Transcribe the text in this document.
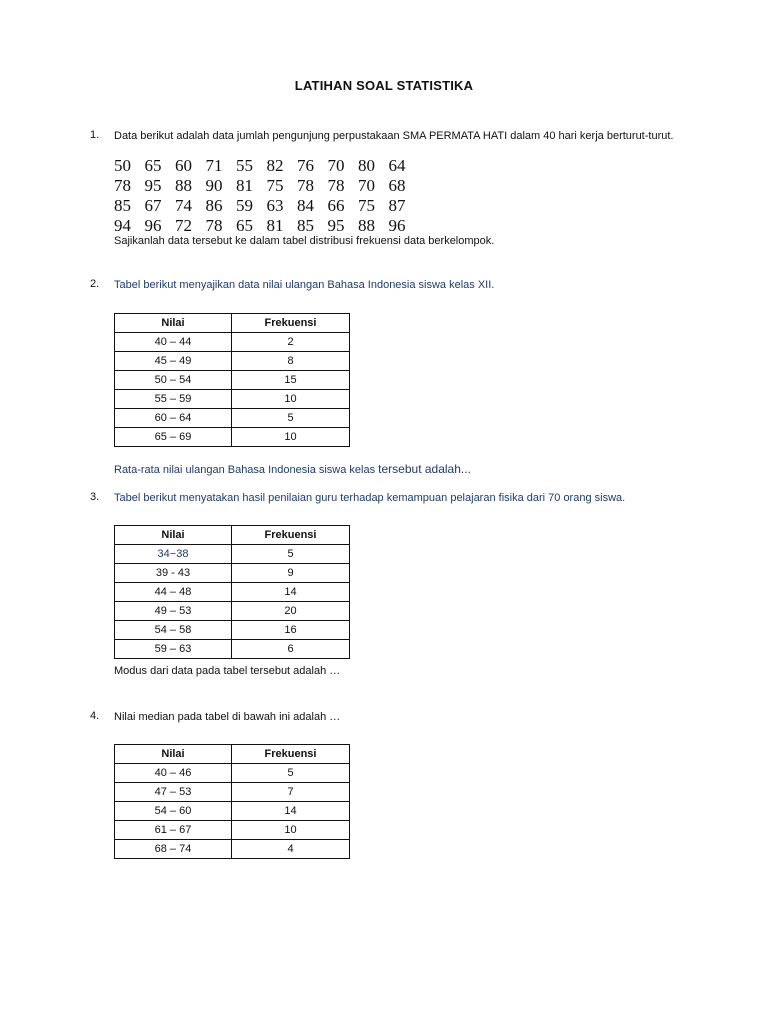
LATIHAN SOAL STATISTIKA
1. Data berikut adalah data jumlah pengunjung perpustakaan SMA PERMATA HATI dalam 40 hari kerja berturut-turut.
50 65 60 71 55 82 76 70 80 64
78 95 88 90 81 75 78 78 70 68
85 67 74 86 59 63 84 66 75 87
94 96 72 78 65 81 85 95 88 96
Sajikanlah data tersebut ke dalam tabel distribusi frekuensi data berkelompok.
2. Tabel berikut menyajikan data nilai ulangan Bahasa Indonesia siswa kelas XII.
Nilai	Frekuensi
40 – 44	2
45 – 49	8
50 – 54	15
55 – 59	10
60 – 64	5
65 – 69	10
Rata-rata nilai ulangan Bahasa Indonesia siswa kelas tersebut adalah...
3. Tabel berikut menyatakan hasil penilaian guru terhadap kemampuan pelajaran fisika dari 70 orang siswa.
Nilai	Frekuensi
34−38	5
39 - 43	9
44 – 48	14
49 – 53	20
54 – 58	16
59 – 63	6
Modus dari data pada tabel tersebut adalah …
4. Nilai median pada tabel di bawah ini adalah …
Nilai	Frekuensi
40 – 46	5
47 – 53	7
54 – 60	14
61 – 67	10
68 – 74	4
